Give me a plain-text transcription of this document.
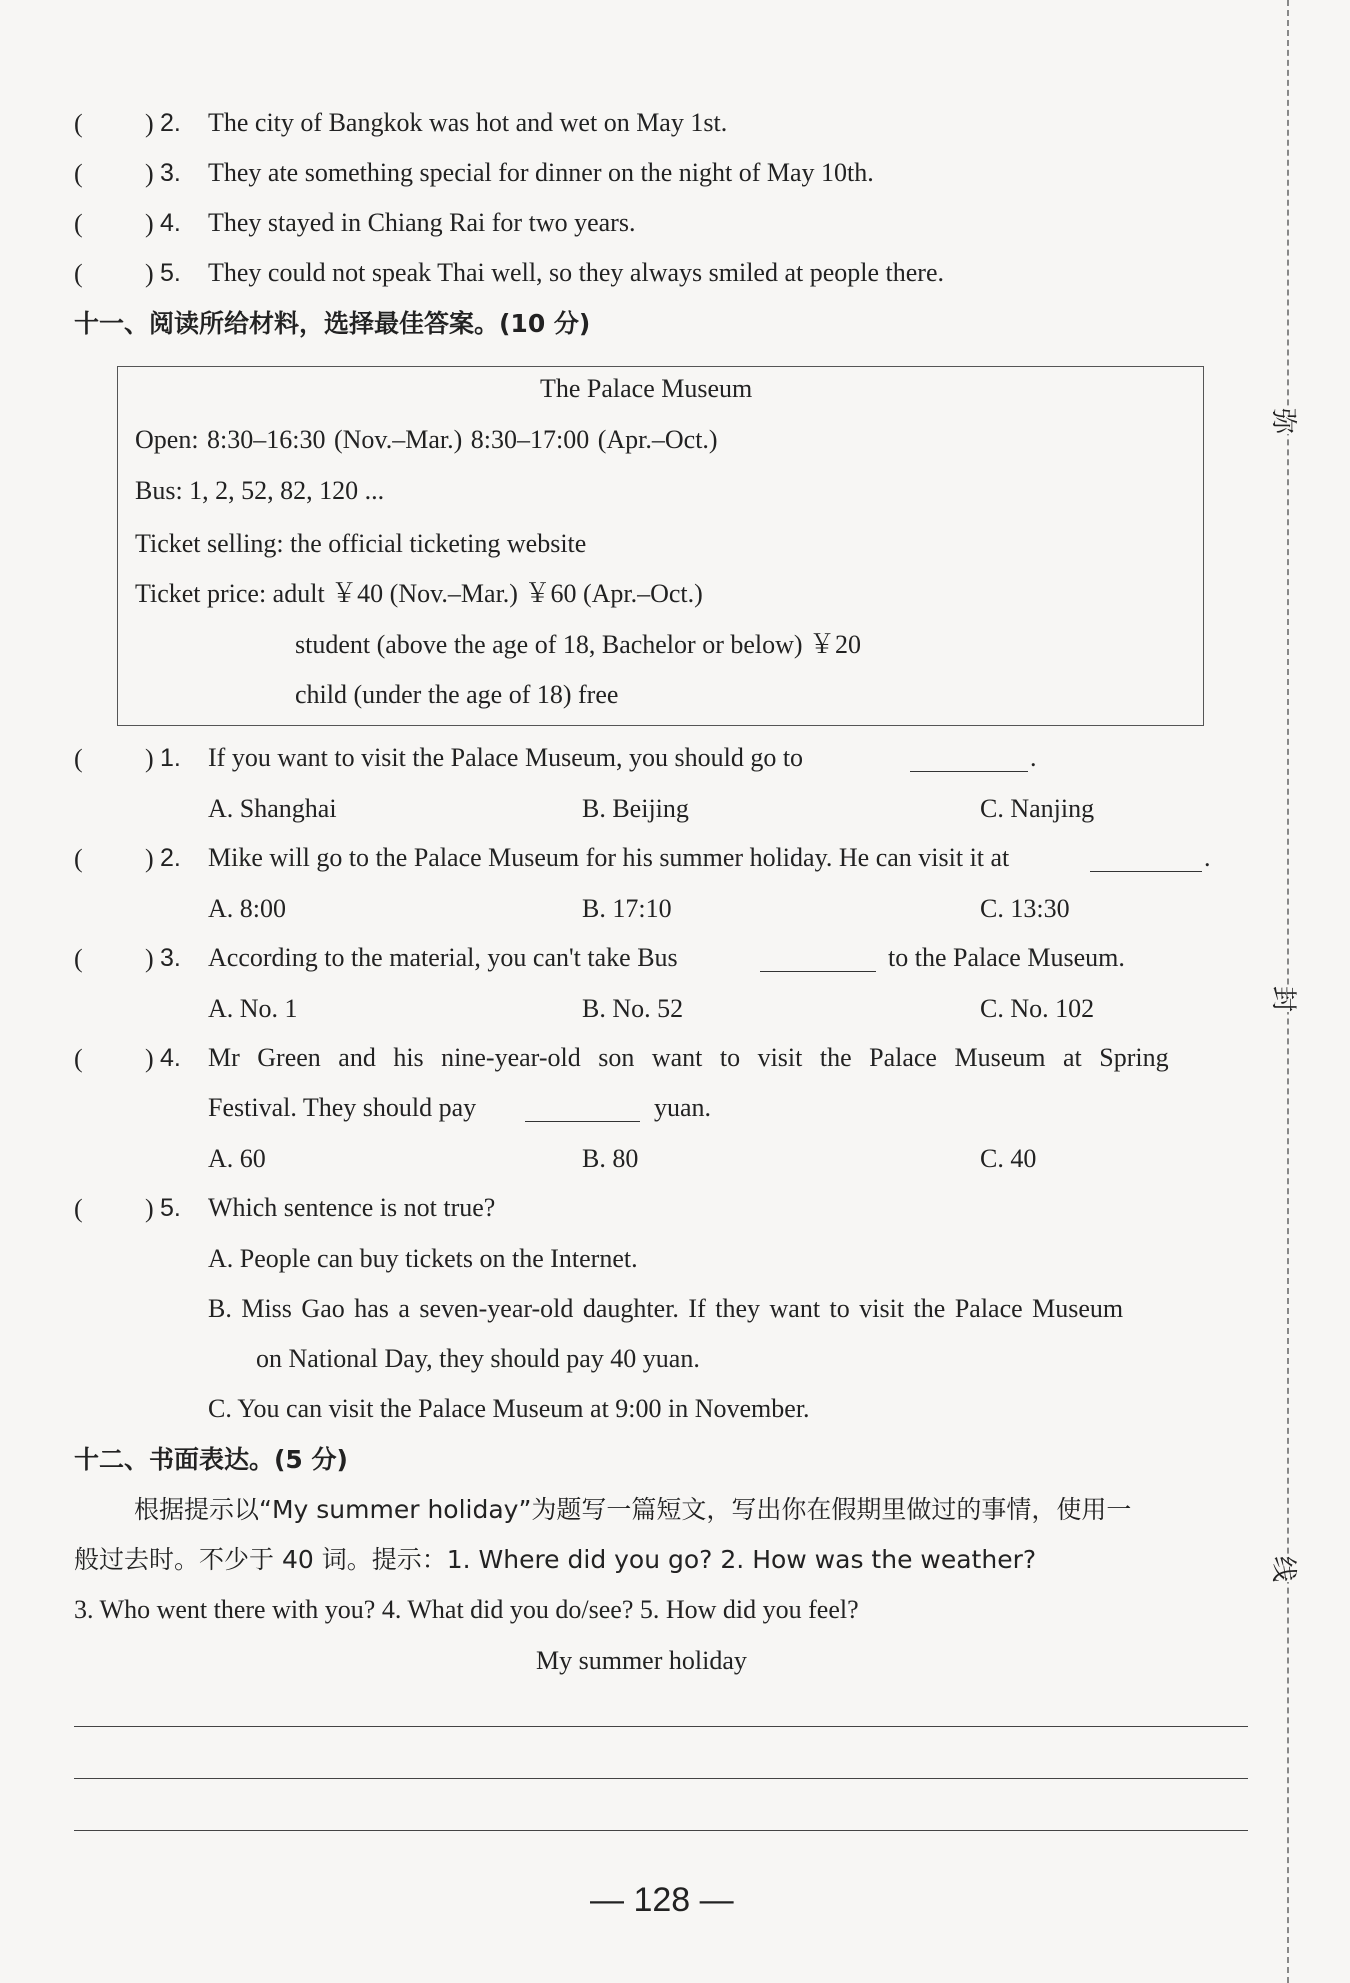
( ) 2. The city of Bangkok was hot and wet on May 1st.
( ) 3. They ate something special for dinner on the night of May 10th.
( ) 4. They stayed in Chiang Rai for two years.
( ) 5. They could not speak Thai well, so they always smiled at people there.
十一、阅读所给材料，选择最佳答案。(10 分)
The Palace Museum
Open: 8:30–16:30 (Nov.–Mar.) 8:30–17:00 (Apr.–Oct.)
Bus: 1, 2, 52, 82, 120 ...
Ticket selling: the official ticketing website
Ticket price: adult ￥40 (Nov.–Mar.) ￥60 (Apr.–Oct.)
student (above the age of 18, Bachelor or below) ￥20
child (under the age of 18) free
( ) 1. If you want to visit the Palace Museum, you should go to	.
A. Shanghai	B. Beijing	C. Nanjing
( ) 2. Mike will go to the Palace Museum for his summer holiday. He can visit it at	.
A. 8:00	B. 17:10	C. 13:30
( ) 3. According to the material, you can't take Bus	to the Palace Museum.
A. No. 1	B. No. 52	C. No. 102
( ) 4. Mr Green and his nine-year-old son want to visit the Palace Museum at Spring
Festival. They should pay	yuan.
A. 60	B. 80	C. 40
( ) 5. Which sentence is not true?
A. People can buy tickets on the Internet.
B. Miss Gao has a seven-year-old daughter. If they want to visit the Palace Museum
on National Day, they should pay 40 yuan.
C. You can visit the Palace Museum at 9:00 in November.
十二、书面表达。(5 分)
根据提示以“My summer holiday”为题写一篇短文，写出你在假期里做过的事情，使用一
般过去时。不少于 40 词。提示：1. Where did you go? 2. How was the weather?
3. Who went there with you? 4. What did you do/see? 5. How did you feel?
My summer holiday
— 128 —
弥
封
线
